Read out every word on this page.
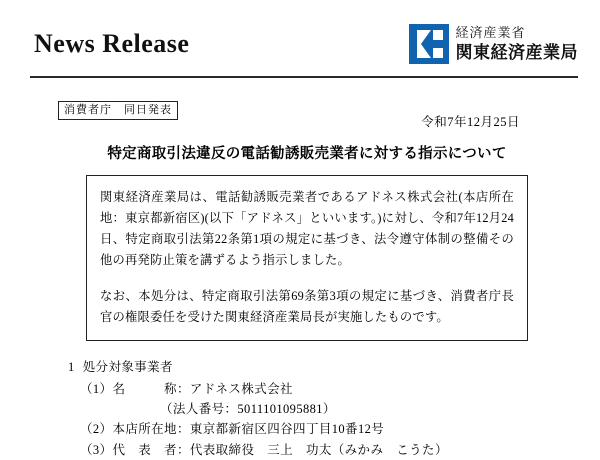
News Release	経済産業省
関東経済産業局
消費者庁　同日発表
令和7年12月25日
特定商取引法違反の電話勧誘販売業者に対する指示について

関東経済産業局は、電話勧誘販売業者であるアドネス株式会社(本店所在地：東京都新宿区)(以下「アドネス」といいます。)に対し、令和7年12月24日、特定商取引法第22条第1項の規定に基づき、法令遵守体制の整備その他の再発防止策を講ずるよう指示しました。

なお、本処分は、特定商取引法第69条第3項の規定に基づき、消費者庁長官の権限委任を受けた関東経済産業局長が実施したものです。

1 処分対象事業者
（1）名　　　称：アドネス株式会社
（法人番号：5011101095881）
（2）本店所在地：東京都新宿区四谷四丁目10番12号
（3）代　表　者：代表取締役　三上　功太（みかみ　こうた）
